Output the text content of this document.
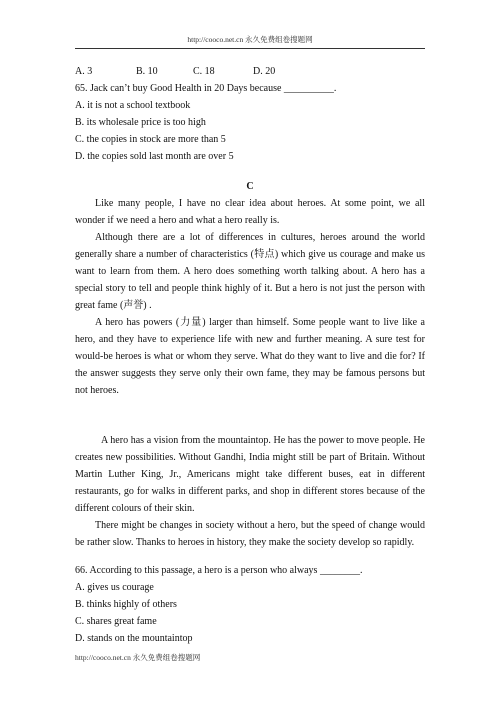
http://cooco.net.cn 永久免费组卷搜题网
A. 3	B. 10	C. 18	D. 20
65. Jack can’t buy Good Health in 20 Days because __________.
A. it is not a school textbook
B. its wholesale price is too high
C. the copies in stock are more than 5
D. the copies sold last month are over 5
C
Like many people, I have no clear idea about heroes. At some point, we all wonder if we need a hero and what a hero really is.
Although there are a lot of differences in cultures, heroes around the world generally share a number of characteristics (特点) which give us courage and make us want to learn from them. A hero does something worth talking about. A hero has a special story to tell and people think highly of it. But a hero is not just the person with great fame (声誉) .
A hero has powers (力量) larger than himself. Some people want to live like a hero, and they have to experience life with new and further meaning. A sure test for would-be heroes is what or whom they serve. What do they want to live and die for? If the answer suggests they serve only their own fame, they may be famous persons but not heroes.
A hero has a vision from the mountaintop. He has the power to move people. He creates new possibilities. Without Gandhi, India might still be part of Britain. Without Martin Luther King, Jr., Americans might take different buses, eat in different restaurants, go for walks in different parks, and shop in different stores because of the different colours of their skin.
There might be changes in society without a hero, but the speed of change would be rather slow. Thanks to heroes in history, they make the society develop so rapidly.
66. According to this passage, a hero is a person who always ________.
A. gives us courage
B. thinks highly of others
C. shares great fame
D. stands on the mountaintop
http://cooco.net.cn 永久免费组卷搜题网
